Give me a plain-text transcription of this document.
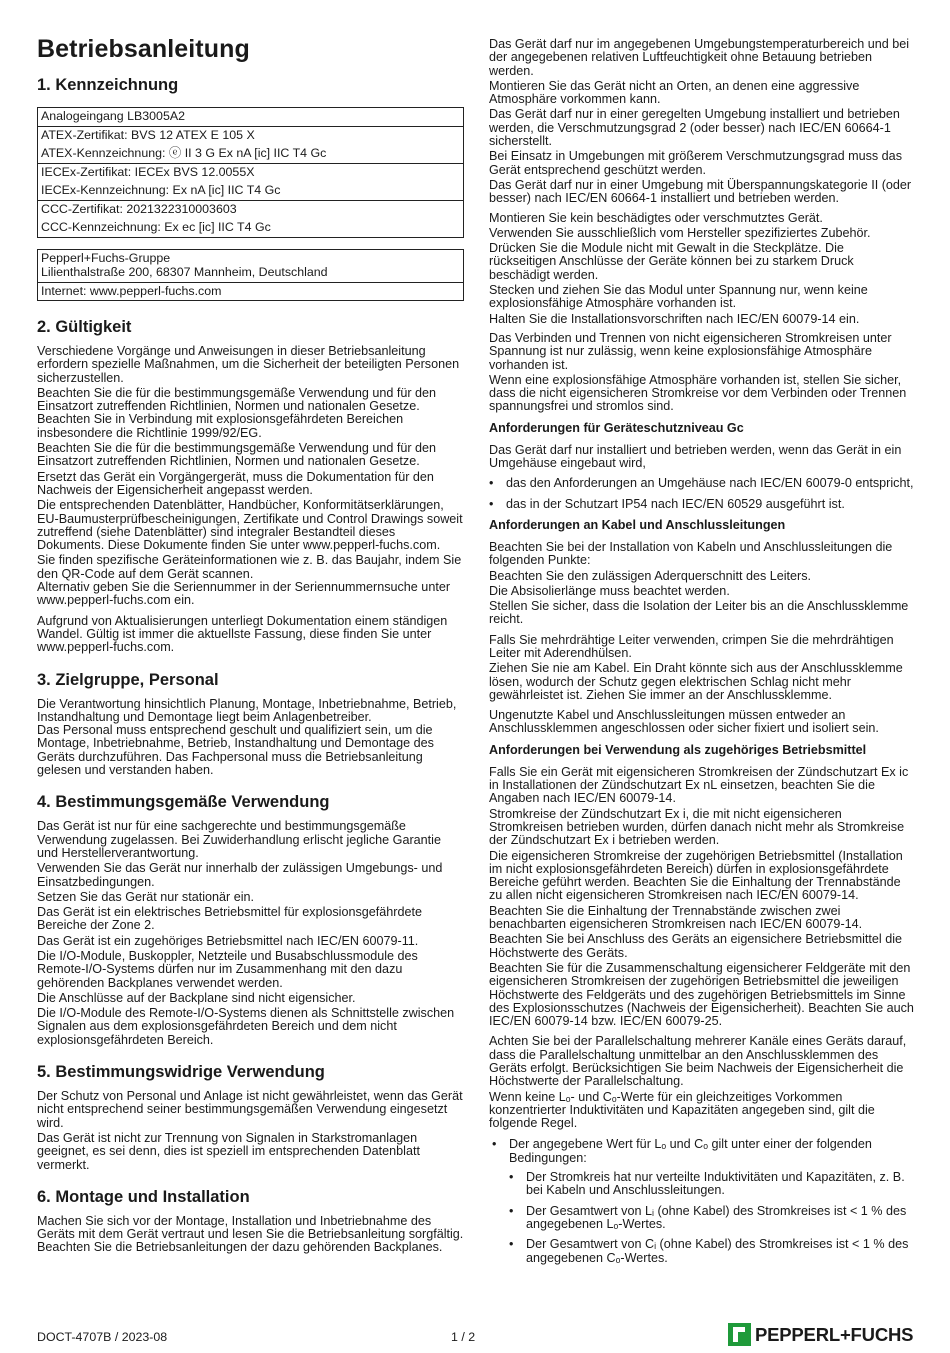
Betriebsanleitung
1. Kennzeichnung
Analogeingang LB3005A2

ATEX-Zertifikat: BVS 12 ATEX E 105 X
ATEX-Kennzeichnung: ⓔ II 3 G Ex nA [ic] IIC T4 Gc

IECEx-Zertifikat: IECEx BVS 12.0055X
IECEx-Kennzeichnung: Ex nA [ic] IIC T4 Gc

CCC-Zertifikat: 2021322310003603
CCC-Kennzeichnung: Ex ec [ic] IIC T4 Gc
Pepperl+Fuchs-Gruppe
Lilienthalstraße 200, 68307 Mannheim, Deutschland

Internet: www.pepperl-fuchs.com
2. Gültigkeit

Verschiedene Vorgänge und Anweisungen in dieser Betriebsanleitung erfordern spezielle Maßnahmen, um die Sicherheit der beteiligten Personen sicherzustellen.

Beachten Sie die für die bestimmungsgemäße Verwendung und für den Einsatzort zutreffenden Richtlinien, Normen und nationalen Gesetze. Beachten Sie in Verbindung mit explosionsgefährdeten Bereichen insbesondere die Richtlinie 1999/92/EG.

Beachten Sie die für die bestimmungsgemäße Verwendung und für den Einsatzort zutreffenden Richtlinien, Normen und nationalen Gesetze.

Ersetzt das Gerät ein Vorgängergerät, muss die Dokumentation für den Nachweis der Eigensicherheit angepasst werden.

Die entsprechenden Datenblätter, Handbücher, Konformitätserklärungen, EU-Baumusterprüfbescheinigungen, Zertifikate und Control Drawings soweit zutreffend (siehe Datenblätter) sind integraler Bestandteil dieses Dokuments. Diese Dokumente finden Sie unter www.pepperl-fuchs.com.

Sie finden spezifische Geräteinformationen wie z. B. das Baujahr, indem Sie den QR-Code auf dem Gerät scannen.

Alternativ geben Sie die Seriennummer in der Seriennummernsuche unter www.pepperl-fuchs.com ein.

Aufgrund von Aktualisierungen unterliegt Dokumentation einem ständigen Wandel. Gültig ist immer die aktuellste Fassung, diese finden Sie unter www.pepperl-fuchs.com.

3. Zielgruppe, Personal

Die Verantwortung hinsichtlich Planung, Montage, Inbetriebnahme, Betrieb, Instandhaltung und Demontage liegt beim Anlagenbetreiber.

Das Personal muss entsprechend geschult und qualifiziert sein, um die Montage, Inbetriebnahme, Betrieb, Instandhaltung und Demontage des Geräts durchzuführen. Das Fachpersonal muss die Betriebsanleitung gelesen und verstanden haben.

4. Bestimmungsgemäße Verwendung

Das Gerät ist nur für eine sachgerechte und bestimmungsgemäße Verwendung zugelassen. Bei Zuwiderhandlung erlischt jegliche Garantie und Herstellerverantwortung.

Verwenden Sie das Gerät nur innerhalb der zulässigen Umgebungs- und Einsatzbedingungen.

Setzen Sie das Gerät nur stationär ein.

Das Gerät ist ein elektrisches Betriebsmittel für explosionsgefährdete Bereiche der Zone 2.

Das Gerät ist ein zugehöriges Betriebsmittel nach IEC/EN 60079-11.

Die I/O-Module, Buskoppler, Netzteile und Busabschlussmodule des Remote-I/O-Systems dürfen nur im Zusammenhang mit den dazu gehörenden Backplanes verwendet werden.

Die Anschlüsse auf der Backplane sind nicht eigensicher.

Die I/O-Module des Remote-I/O-Systems dienen als Schnittstelle zwischen Signalen aus dem explosionsgefährdeten Bereich und dem nicht explosionsgefährdeten Bereich.

5. Bestimmungswidrige Verwendung

Der Schutz von Personal und Anlage ist nicht gewährleistet, wenn das Gerät nicht entsprechend seiner bestimmungsgemäßen Verwendung eingesetzt wird.

Das Gerät ist nicht zur Trennung von Signalen in Starkstromanlagen geeignet, es sei denn, dies ist speziell im entsprechenden Datenblatt vermerkt.

6. Montage und Installation

Machen Sie sich vor der Montage, Installation und Inbetriebnahme des Geräts mit dem Gerät vertraut und lesen Sie die Betriebsanleitung sorgfältig.

Beachten Sie die Betriebsanleitungen der dazu gehörenden Backplanes.

Das Gerät darf nur im angegebenen Umgebungstemperaturbereich und bei der angegebenen relativen Luftfeuchtigkeit ohne Betauung betrieben werden.

Montieren Sie das Gerät nicht an Orten, an denen eine aggressive Atmosphäre vorkommen kann.

Das Gerät darf nur in einer geregelten Umgebung installiert und betrieben werden, die Verschmutzungsgrad 2 (oder besser) nach IEC/EN 60664-1 sicherstellt.

Bei Einsatz in Umgebungen mit größerem Verschmutzungsgrad muss das Gerät entsprechend geschützt werden.

Das Gerät darf nur in einer Umgebung mit Überspannungskategorie II (oder besser) nach IEC/EN 60664-1 installiert und betrieben werden.

Montieren Sie kein beschädigtes oder verschmutztes Gerät.

Verwenden Sie ausschließlich vom Hersteller spezifiziertes Zubehör.

Drücken Sie die Module nicht mit Gewalt in die Steckplätze. Die rückseitigen Anschlüsse der Geräte können bei zu starkem Druck beschädigt werden.

Stecken und ziehen Sie das Modul unter Spannung nur, wenn keine explosionsfähige Atmosphäre vorhanden ist.

Halten Sie die Installationsvorschriften nach IEC/EN 60079-14 ein.

Das Verbinden und Trennen von nicht eigensicheren Stromkreisen unter Spannung ist nur zulässig, wenn keine explosionsfähige Atmosphäre vorhanden ist.

Wenn eine explosionsfähige Atmosphäre vorhanden ist, stellen Sie sicher, dass die nicht eigensicheren Stromkreise vor dem Verbinden oder Trennen spannungsfrei und stromlos sind.

Anforderungen für Geräteschutzniveau Gc

Das Gerät darf nur installiert und betrieben werden, wenn das Gerät in ein Umgehäuse eingebaut wird,

• das den Anforderungen an Umgehäuse nach IEC/EN 60079-0 entspricht,
• das in der Schutzart IP54 nach IEC/EN 60529 ausgeführt ist.
Anforderungen an Kabel und Anschlussleitungen

Beachten Sie bei der Installation von Kabeln und Anschlussleitungen die folgenden Punkte:

Beachten Sie den zulässigen Aderquerschnitt des Leiters.

Die Absisolierlänge muss beachtet werden.

Stellen Sie sicher, dass die Isolation der Leiter bis an die Anschlussklemme reicht.

Falls Sie mehrdrähtige Leiter verwenden, crimpen Sie die mehrdrähtigen Leiter mit Aderendhülsen.

Ziehen Sie nie am Kabel. Ein Draht könnte sich aus der Anschlussklemme lösen, wodurch der Schutz gegen elektrischen Schlag nicht mehr gewährleistet ist. Ziehen Sie immer an der Anschlussklemme.

Ungenutzte Kabel und Anschlussleitungen müssen entweder an Anschlussklemmen angeschlossen oder sicher fixiert und isoliert sein.

Anforderungen bei Verwendung als zugehöriges Betriebsmittel

Falls Sie ein Gerät mit eigensicheren Stromkreisen der Zündschutzart Ex ic in Installationen der Zündschutzart Ex nL einsetzen, beachten Sie die Angaben nach IEC/EN 60079-14.

Stromkreise der Zündschutzart Ex i, die mit nicht eigensicheren Stromkreisen betrieben wurden, dürfen danach nicht mehr als Stromkreise der Zündschutzart Ex i betrieben werden.

Die eigensicheren Stromkreise der zugehörigen Betriebsmittel (Installation im nicht explosionsgefährdeten Bereich) dürfen in explosionsgefährdete Bereiche geführt werden. Beachten Sie die Einhaltung der Trennabstände zu allen nicht eigensicheren Stromkreisen nach IEC/EN 60079-14.

Beachten Sie die Einhaltung der Trennabstände zwischen zwei benachbarten eigensicheren Stromkreisen nach IEC/EN 60079-14.

Beachten Sie bei Anschluss des Geräts an eigensichere Betriebsmittel die Höchstwerte des Geräts.

Beachten Sie für die Zusammenschaltung eigensicherer Feldgeräte mit den eigensicheren Stromkreisen der zugehörigen Betriebsmittel die jeweiligen Höchstwerte des Feldgeräts und des zugehörigen Betriebsmittels im Sinne des Explosionsschutzes (Nachweis der Eigensicherheit). Beachten Sie auch IEC/EN 60079-14 bzw. IEC/EN 60079-25.

Achten Sie bei der Parallelschaltung mehrerer Kanäle eines Geräts darauf, dass die Parallelschaltung unmittelbar an den Anschlussklemmen des Geräts erfolgt. Berücksichtigen Sie beim Nachweis der Eigensicherheit die Höchstwerte der Parallelschaltung.

Wenn keine Lₒ- und Cₒ-Werte für ein gleichzeitiges Vorkommen konzentrierter Induktivitäten und Kapazitäten angegeben sind, gilt die folgende Regel.

• Der angegebene Wert für Lₒ und Cₒ gilt unter einer der folgenden Bedingungen:
• Der Stromkreis hat nur verteilte Induktivitäten und Kapazitäten, z. B. bei Kabeln und Anschlussleitungen.
• Der Gesamtwert von Lᵢ (ohne Kabel) des Stromkreises ist < 1 % des angegebenen Lₒ-Wertes.
• Der Gesamtwert von Cᵢ (ohne Kabel) des Stromkreises ist < 1 % des angegebenen Cₒ-Wertes.
DOCT-4707B / 2023-08	1 / 2	PEPPERL+FUCHS
